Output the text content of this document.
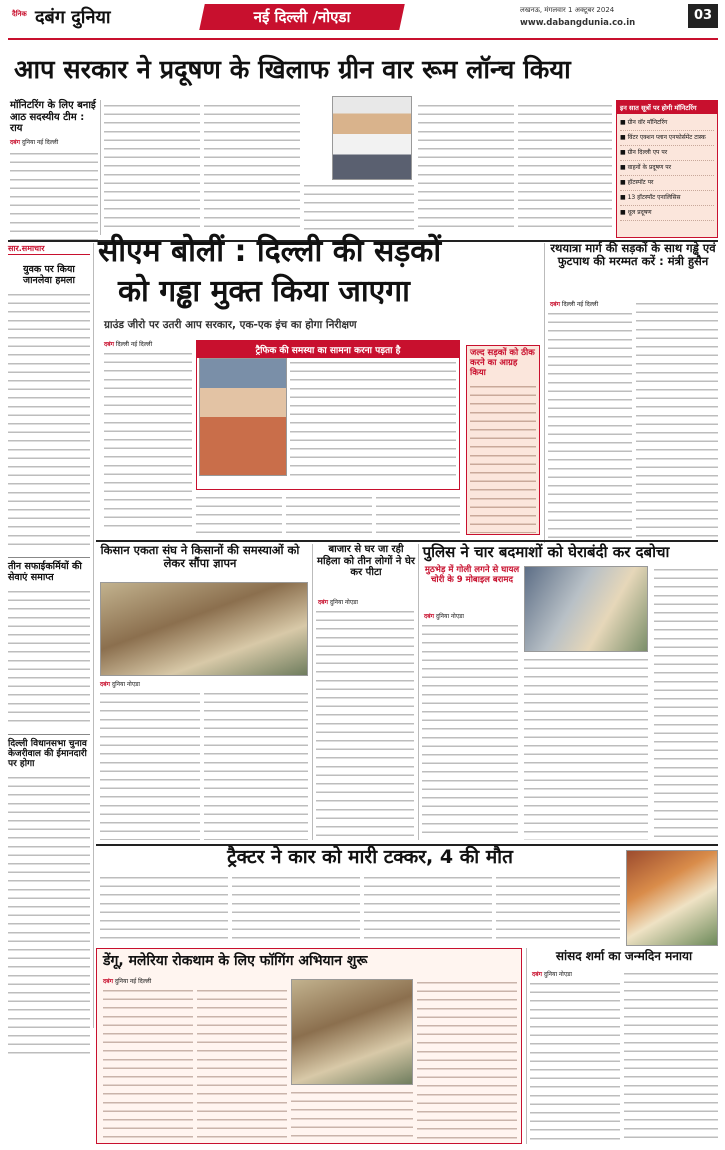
दैनिक दबंग दुनिया	नई दिल्ली /नोएडा	लखनऊ, मंगलवार 1 अक्टूबर 2024
www.dabangdunia.co.in	03
आप सरकार ने प्रदूषण के खिलाफ ग्रीन वार रूम लॉन्च किया
मॉनिटरिंग के लिए बनाई आठ सदस्यीय टीम : राय
दबंग दुनिया नई दिल्ली
इन सात सूत्रों पर होगी मॉनिटरिंग
■ ग्रीन वॉर मॉनिटरिंग
■ विंटर एक्शन प्लान एनफोर्समेंट टास्क
■ ग्रीन दिल्ली एप पर
■ वाहनों के प्रदूषण पर
■ हॉटस्पॉट पर
■ 13 हॉटस्पॉट एनालिसिस
■ धूल प्रदूषण
सार.समाचार
युवक पर किया जानलेवा हमला
तीन सफाईकर्मियों की सेवाएं समाप्त
दिल्ली विधानसभा चुनाव केजरीवाल की ईमानदारी पर होगा
सीएम बोलीं : दिल्ली की सड़कों
को गड्ढा मुक्त किया जाएगा
ग्राउंड जीरो पर उतरी आप सरकार, एक-एक इंच का होगा निरीक्षण
दबंग दिल्ली नई दिल्ली
ट्रैफिक की समस्या का सामना करना पड़ता है	जल्द सड़कों को ठीक करने का आग्रह किया
रथयात्रा मार्ग की सड़कों के साथ गड्ढे एवं फुटपाथ की मरम्मत करें : मंत्री हुसैन
दबंग दिल्ली नई दिल्ली
किसान एकता संघ ने किसानों की समस्याओं को लेकर सौंपा ज्ञापन
दबंग दुनिया नोएडा
बाजार से घर जा रही महिला को तीन लोगों ने घेर कर पीटा
दबंग दुनिया नोएडा
पुलिस ने चार बदमाशों को घेराबंदी कर दबोचा
मुठभेड़ में गोली लगने से घायल चोरी के 9 मोबाइल बरामद
दबंग दुनिया नोएडा
ट्रैक्टर ने कार को मारी टक्कर, 4 की मौत
डेंगू, मलेरिया रोकथाम के लिए फॉगिंग अभियान शुरू
दबंग दुनिया नई दिल्ली
सांसद शर्मा का जन्मदिन मनाया
दबंग दुनिया नोएडा
